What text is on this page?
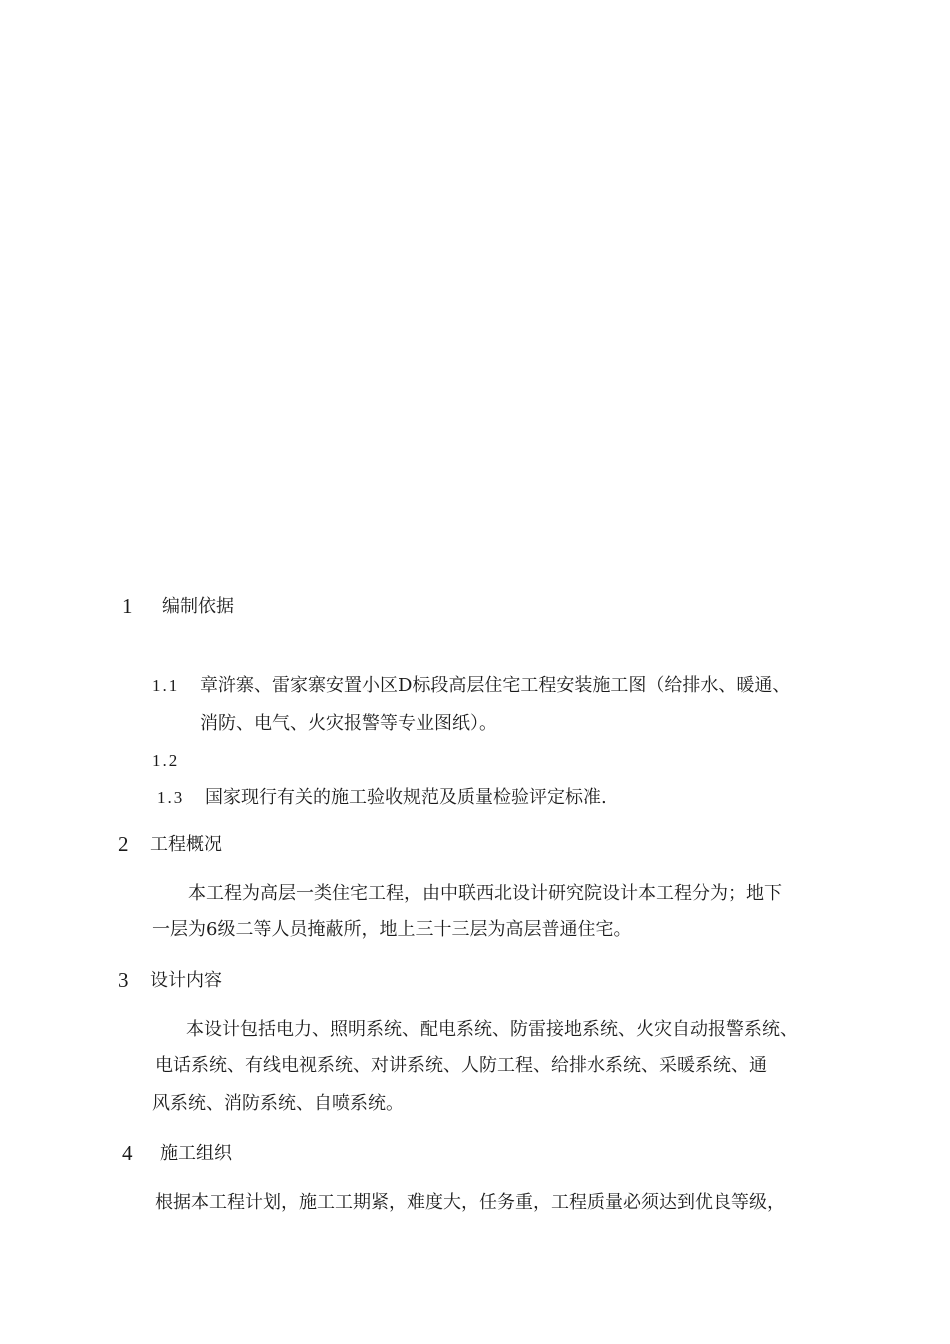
1 编制依据
1.1 章浒寨、雷家寨安置小区D标段高层住宅工程安装施工图（给排水、暖通、
消防、电气、火灾报警等专业图纸）。
1.2
1.3 国家现行有关的施工验收规范及质量检验评定标准.
2 工程概况
本工程为高层一类住宅工程，由中联西北设计研究院设计本工程分为；地下
一层为6级二等人员掩蔽所，地上三十三层为高层普通住宅。
3 设计内容
本设计包括电力、照明系统、配电系统、防雷接地系统、火灾自动报警系统、
电话系统、有线电视系统、对讲系统、人防工程、给排水系统、采暖系统、通
风系统、消防系统、自喷系统。
4 施工组织
根据本工程计划，施工工期紧，难度大，任务重，工程质量必须达到优良等级，
